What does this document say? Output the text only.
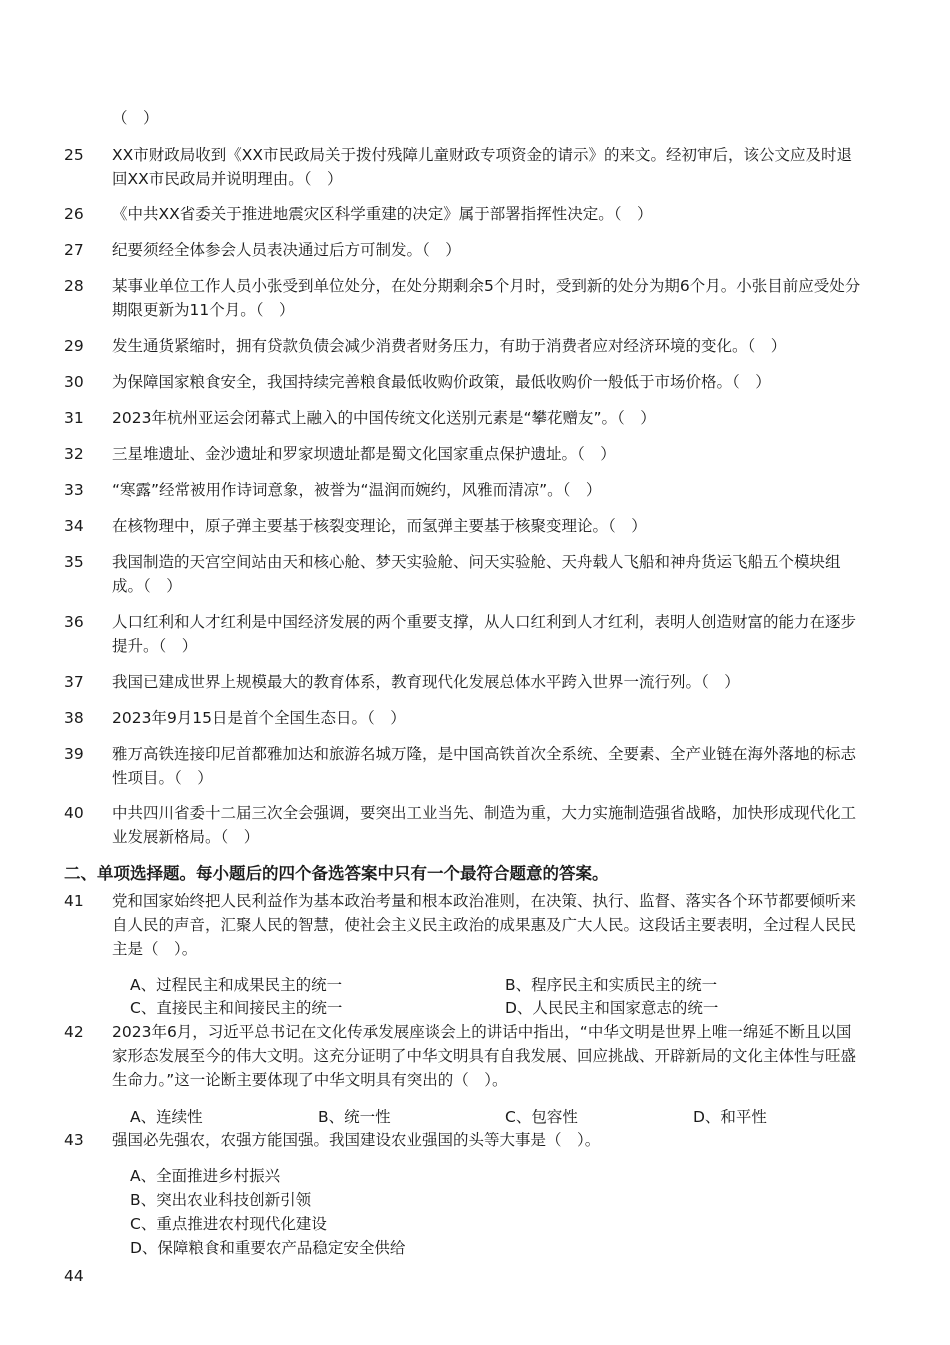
（　）
25 XX市财政局收到《XX市民政局关于拨付残障儿童财政专项资金的请示》的来文。经初审后，该公文应及时退回XX市民政局并说明理由。（　）
26 《中共XX省委关于推进地震灾区科学重建的决定》属于部署指挥性决定。（　）
27 纪要须经全体参会人员表决通过后方可制发。（　）
28 某事业单位工作人员小张受到单位处分，在处分期剩余5个月时，受到新的处分为期6个月。小张目前应受处分期限更新为11个月。（　）
29 发生通货紧缩时，拥有贷款负债会减少消费者财务压力，有助于消费者应对经济环境的变化。（　）
30 为保障国家粮食安全，我国持续完善粮食最低收购价政策，最低收购价一般低于市场价格。（　）
31 2023年杭州亚运会闭幕式上融入的中国传统文化送别元素是“攀花赠友”。（　）
32 三星堆遗址、金沙遗址和罗家坝遗址都是蜀文化国家重点保护遗址。（　）
33 “寒露”经常被用作诗词意象，被誉为“温润而婉约，风雅而清凉”。（　）
34 在核物理中，原子弹主要基于核裂变理论，而氢弹主要基于核聚变理论。（　）
35 我国制造的天宫空间站由天和核心舱、梦天实验舱、问天实验舱、天舟载人飞船和神舟货运飞船五个模块组成。（　）
36 人口红利和人才红利是中国经济发展的两个重要支撑，从人口红利到人才红利，表明人创造财富的能力在逐步提升。（　）
37 我国已建成世界上规模最大的教育体系，教育现代化发展总体水平跨入世界一流行列。（　）
38 2023年9月15日是首个全国生态日。（　）
39 雅万高铁连接印尼首都雅加达和旅游名城万隆，是中国高铁首次全系统、全要素、全产业链在海外落地的标志性项目。（　）
40 中共四川省委十二届三次全会强调，要突出工业当先、制造为重，大力实施制造强省战略，加快形成现代化工业发展新格局。（　）
二、单项选择题。每小题后的四个备选答案中只有一个最符合题意的答案。
41 党和国家始终把人民利益作为基本政治考量和根本政治准则，在决策、执行、监督、落实各个环节都要倾听来自人民的声音，汇聚人民的智慧，使社会主义民主政治的成果惠及广大人民。这段话主要表明，全过程人民民主是（　）。
A、过程民主和成果民主的统一	B、程序民主和实质民主的统一
C、直接民主和间接民主的统一	D、人民民主和国家意志的统一
42 2023年6月，习近平总书记在文化传承发展座谈会上的讲话中指出，“中华文明是世界上唯一绵延不断且以国家形态发展至今的伟大文明。这充分证明了中华文明具有自我发展、回应挑战、开辟新局的文化主体性与旺盛生命力。”这一论断主要体现了中华文明具有突出的（　）。
A、连续性	B、统一性	C、包容性	D、和平性
43 强国必先强农，农强方能国强。我国建设农业强国的头等大事是（　）。
A、全面推进乡村振兴
B、突出农业科技创新引领
C、重点推进农村现代化建设
D、保障粮食和重要农产品稳定安全供给
44
